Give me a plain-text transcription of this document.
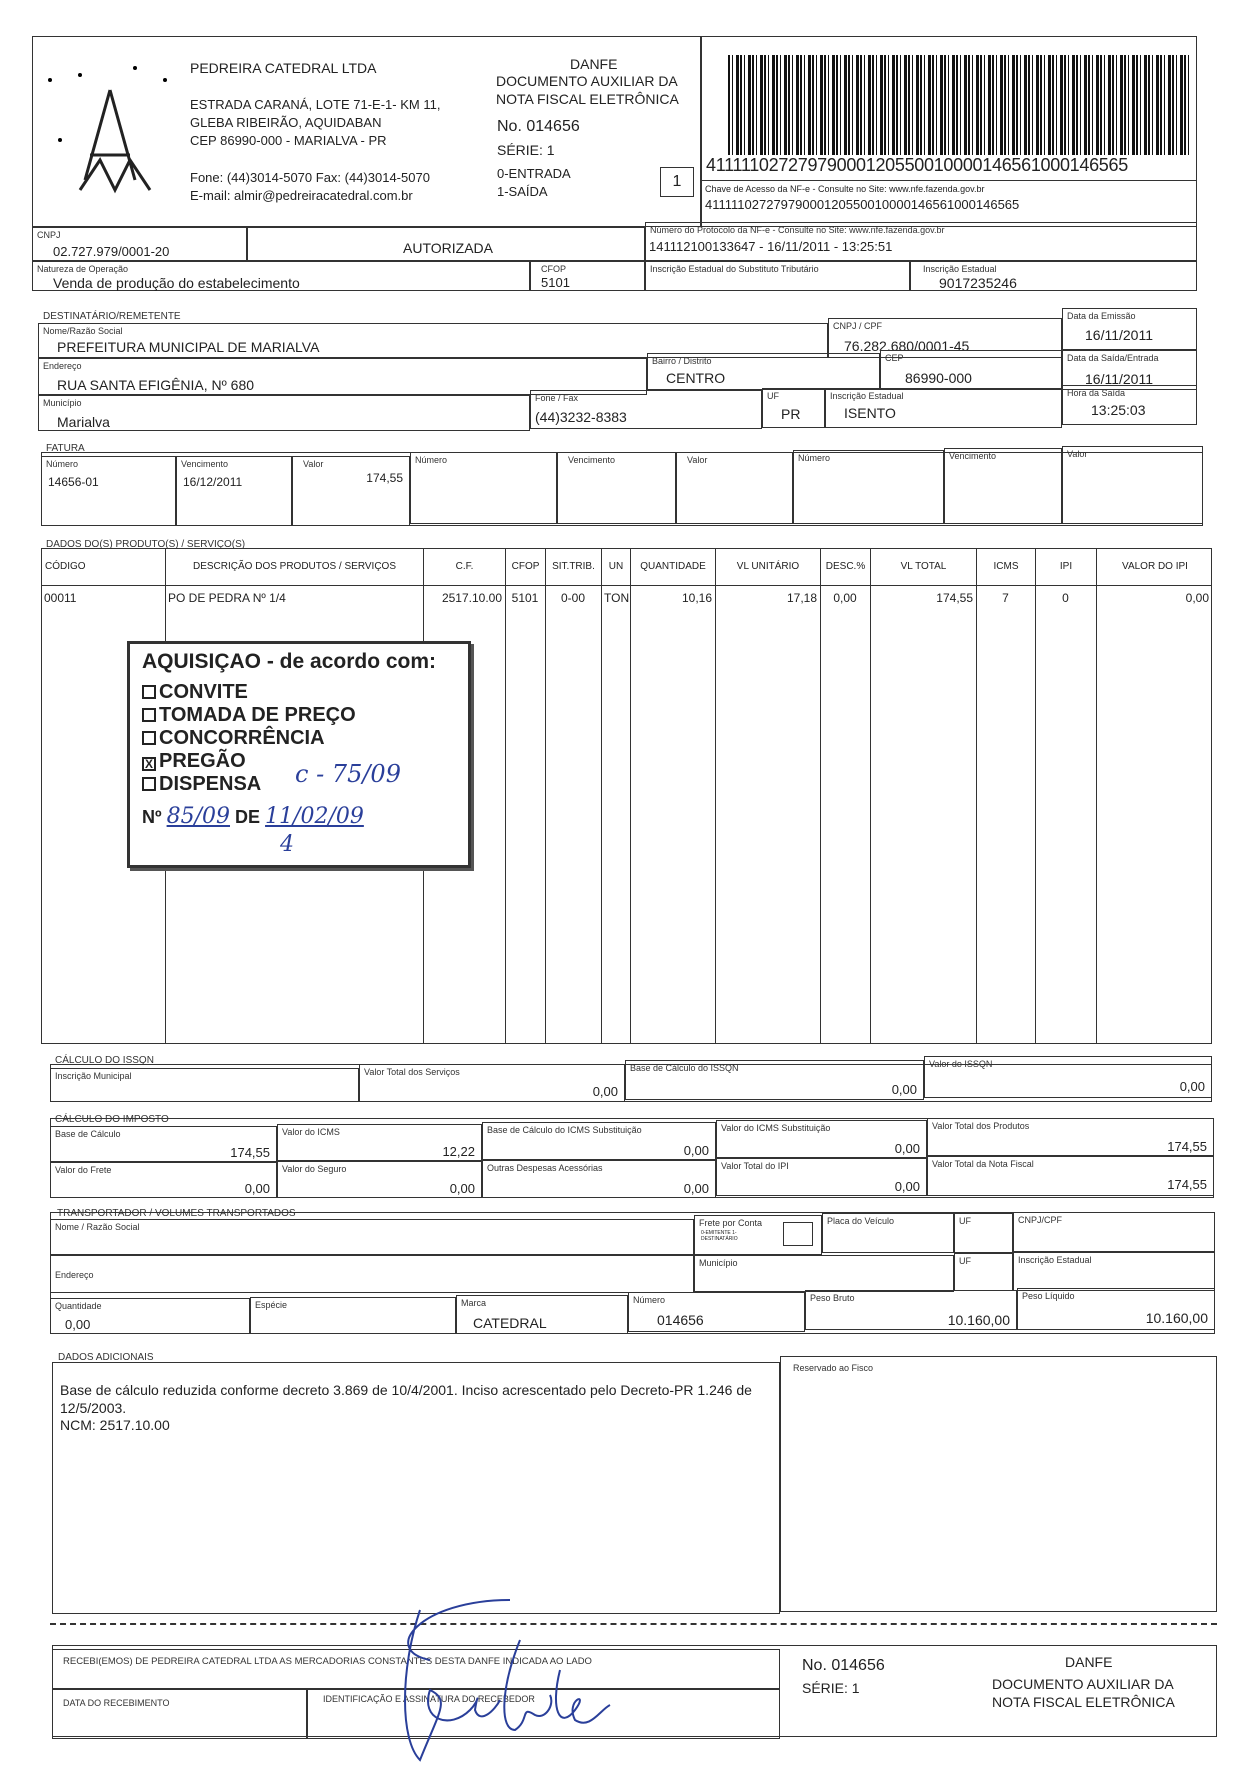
PEDREIRA CATEDRAL LTDA
ESTRADA CARANÁ, LOTE 71-E-1- KM 11,
GLEBA RIBEIRÃO, AQUIDABAN
CEP 86990-000 - MARIALVA - PR
Fone: (44)3014-5070 Fax: (44)3014-5070
E-mail: almir@pedreiracatedral.com.br
DANFE
DOCUMENTO AUXILIAR DA
NOTA FISCAL ELETRÔNICA
No. 014656
SÉRIE: 1
0-ENTRADA
1-SAÍDA
1
41111102727979000120550010000146561000146565
Chave de Acesso da NF-e - Consulte no Site: www.nfe.fazenda.gov.br
41111102727979000120550010000146561000146565
CNPJ
02.727.979/0001-20	AUTORIZADA
Número do Protocolo da NF-e - Consulte no Site: www.nfe.fazenda.gov.br
141112100133647 - 16/11/2011 - 13:25:51
Natureza de Operação
Venda de produção do estabelecimento
CFOP
5101
Inscrição Estadual do Substituto Tributário	Inscrição Estadual
9017235246
DESTINATÁRIO/REMETENTE
Nome/Razão Social
PREFEITURA MUNICIPAL DE MARIALVA
CNPJ / CPF
76.282.680/0001-45
Data da Emissão
16/11/2011
Endereço
RUA SANTA EFIGÊNIA, Nº 680
Bairro / Distrito
CENTRO
CEP
86990-000
Data da Saída/Entrada
16/11/2011
Município
Marialva
Fone / Fax
(44)3232-8383
UF
PR
Inscrição Estadual
ISENTO
Hora da Saída
13:25:03
FATURA
Número
14656-01
Vencimento
16/12/2011
Valor
174,55
Número	Vencimento	Valor	Número	Vencimento	Valor
DADOS DO(S) PRODUTO(S) / SERVIÇO(S)
CÓDIGO
00011
DESCRIÇÃO DOS PRODUTOS / SERVIÇOS
PO DE PEDRA Nº 1/4
C.F.
2517.10.00
CFOP
5101
SIT.TRIB.
0-00
UN
TON
QUANTIDADE
10,16
VL UNITÁRIO
17,18
DESC.%
0,00
VL TOTAL
174,55
ICMS
7
IPI
0
VALOR DO IPI
0,00
AQUISIÇAO - de acordo com:
CONVITE
TOMADA DE PREÇO
CONCORRÊNCIA
X PREGÃO
DISPENSA c - 75/09
Nº 85/09 DE 11/02/09
4
CÁLCULO DO ISSQN
Inscrição Municipal	Valor Total dos Serviços
0,00
Base de Cálculo do ISSQN
0,00
Valor do ISSQN
0,00
CÁLCULO DO IMPOSTO
Base de Cálculo
174,55
Valor do ICMS
12,22
Base de Cálculo do ICMS Substituição
0,00
Valor do ICMS Substituição
0,00
Valor Total dos Produtos
174,55
Valor do Frete
0,00
Valor do Seguro
0,00
Outras Despesas Acessórias
0,00
Valor Total do IPI
0,00
Valor Total da Nota Fiscal
174,55
TRANSPORTADOR / VOLUMES TRANSPORTADOS
Nome / Razão Social	Frete por Conta
0-EMITENTE 1-DESTINATÁRIO
Placa do Veículo	UF	CNPJ/CPF
Endereço
Município	UF	Inscrição Estadual
Quantidade
0,00
Espécie	Marca
CATEDRAL
Número
014656
Peso Bruto
10.160,00
Peso Líquido
10.160,00
DADOS ADICIONAIS
Base de cálculo reduzida conforme decreto 3.869 de 10/4/2001. Inciso acrescentado pelo Decreto-PR 1.246 de 12/5/2003.
NCM: 2517.10.00
Reservado ao Fisco
RECEBI(EMOS) DE PEDREIRA CATEDRAL LTDA AS MERCADORIAS CONSTANTES DESTA DANFE INDICADA AO LADO
DATA DO RECEBIMENTO	IDENTIFICAÇÃO E ASSINATURA DO RECEBEDOR
No. 014656
SÉRIE: 1
DANFE
DOCUMENTO AUXILIAR DA
NOTA FISCAL ELETRÔNICA
